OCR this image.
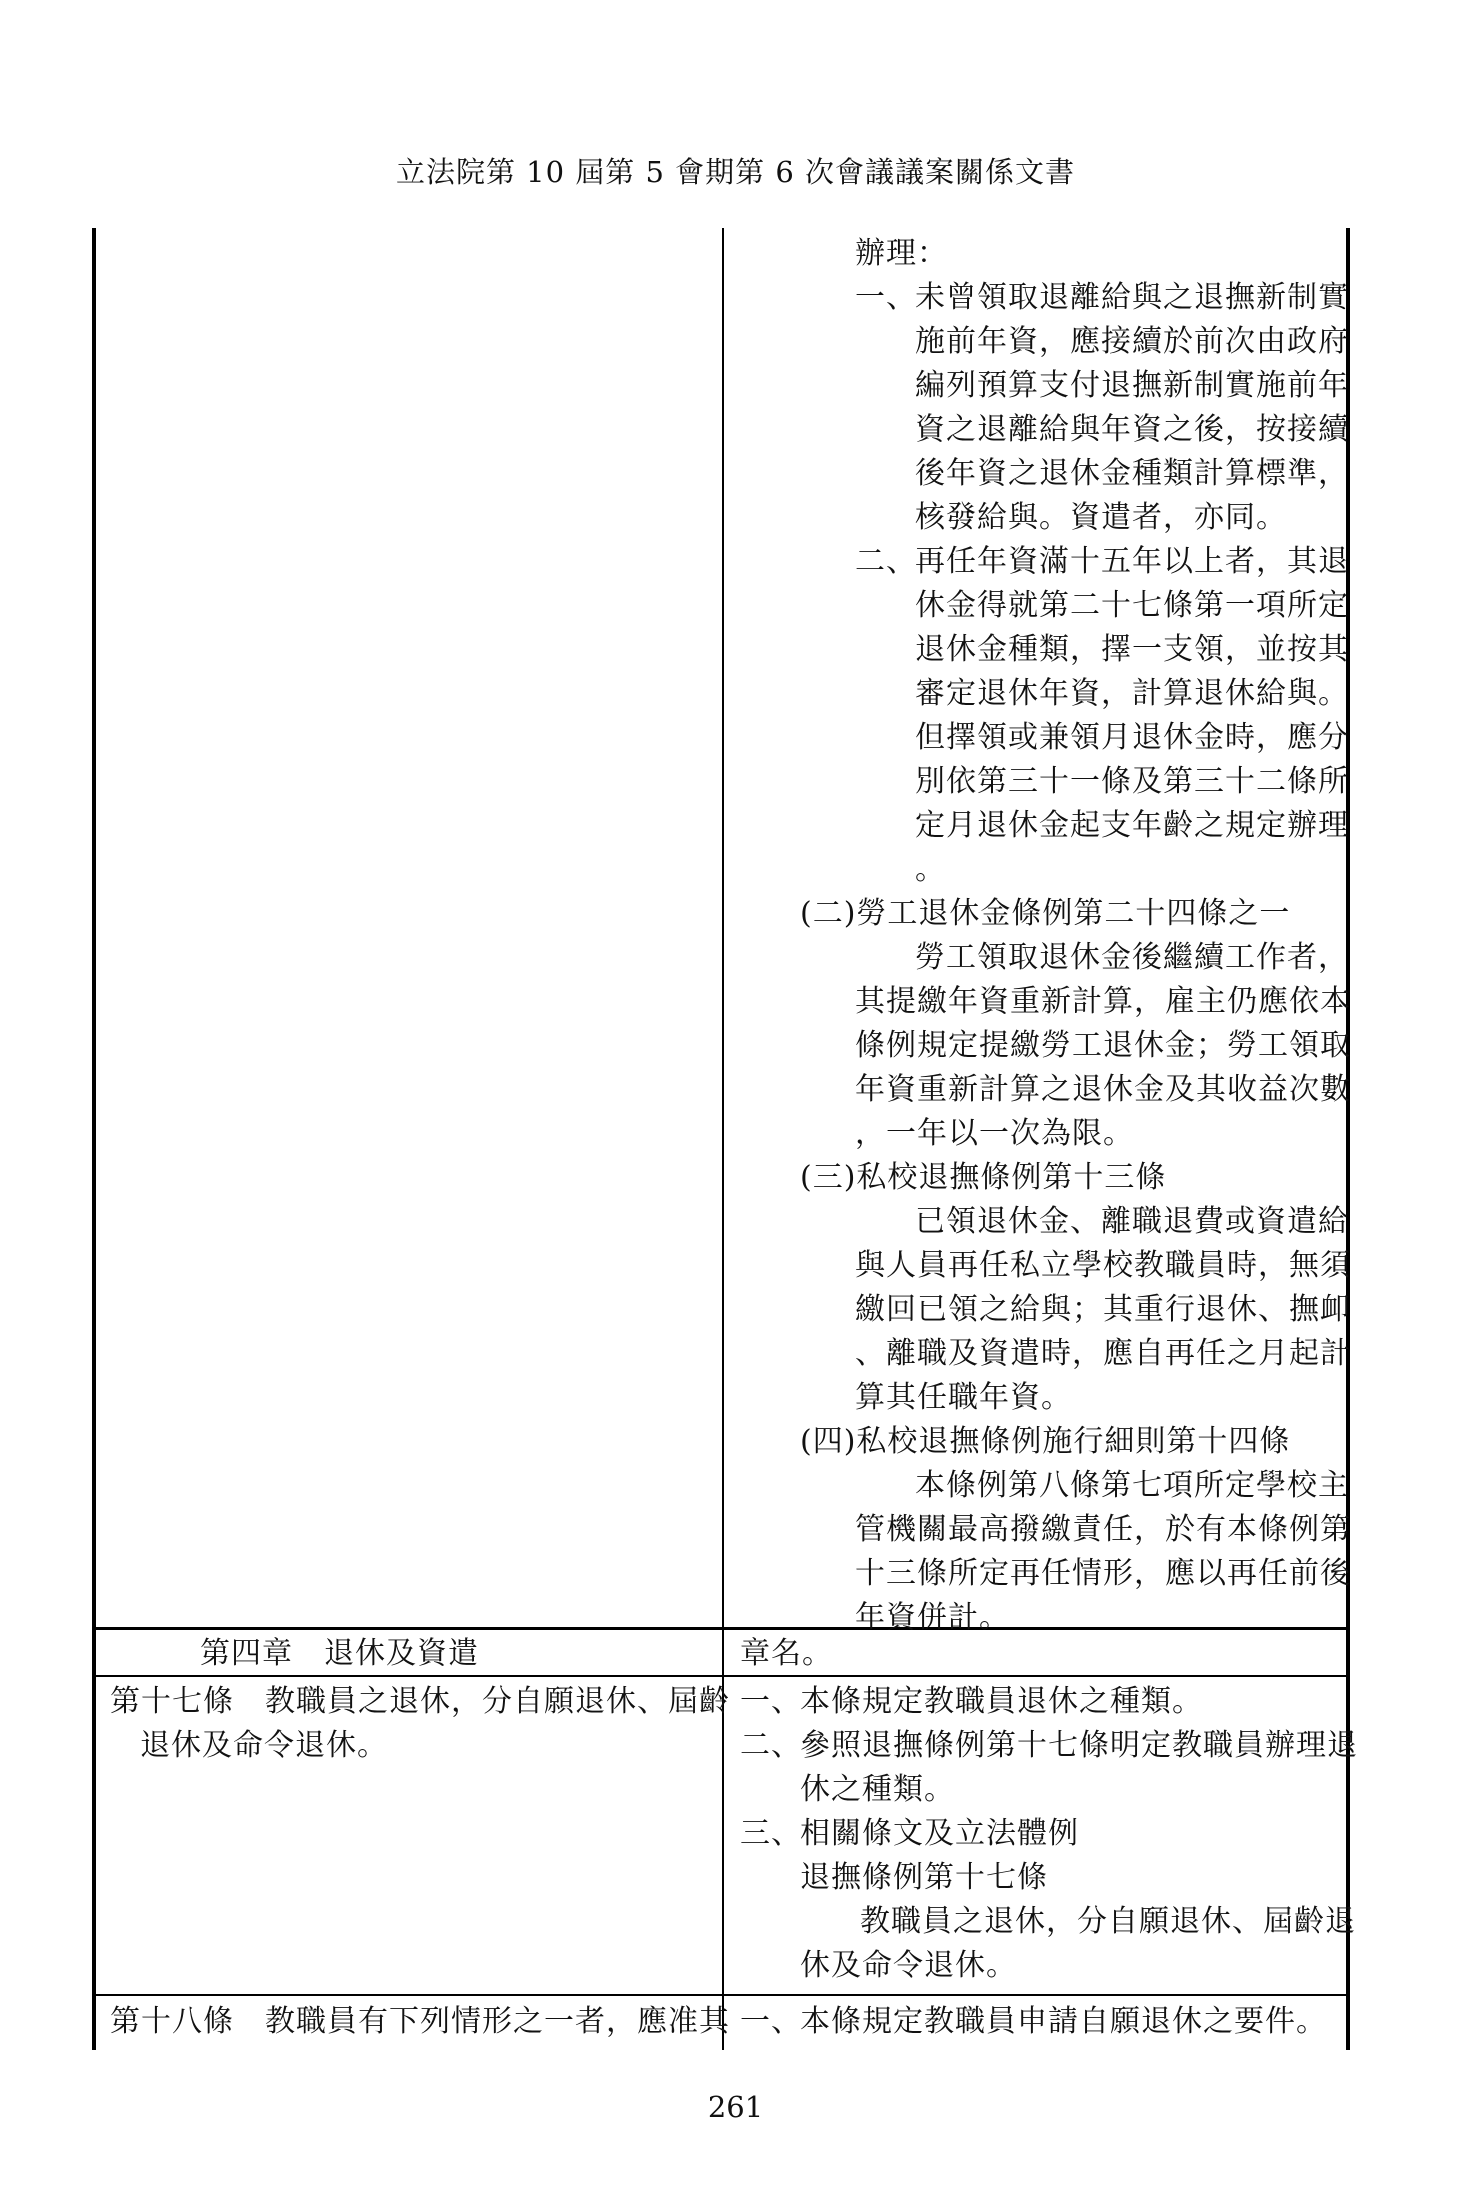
立法院第 10 屆第 5 會期第 6 次會議議案關係文書
辦理：
一、
未曾領取退離給與之退撫新制實
施前年資，應接續於前次由政府
編列預算支付退撫新制實施前年
資之退離給與年資之後，按接續
後年資之退休金種類計算標準，
核發給與。資遣者，亦同。
二、
再任年資滿十五年以上者，其退
休金得就第二十七條第一項所定
退休金種類，擇一支領，並按其
審定退休年資，計算退休給與。
但擇領或兼領月退休金時，應分
別依第三十一條及第三十二條所
定月退休金起支年齡之規定辦理
。
(二)勞工退休金條例第二十四條之一
勞工領取退休金後繼續工作者，
其提繳年資重新計算，雇主仍應依本
條例規定提繳勞工退休金；勞工領取
年資重新計算之退休金及其收益次數
，一年以一次為限。
(三)私校退撫條例第十三條
已領退休金、離職退費或資遣給
與人員再任私立學校教職員時，無須
繳回已領之給與；其重行退休、撫卹
、離職及資遣時，應自再任之月起計
算其任職年資。
(四)私校退撫條例施行細則第十四條
本條例第八條第七項所定學校主
管機關最高撥繳責任，於有本條例第
十三條所定再任情形，應以再任前後
年資併計。
第四章　退休及資遣	章名。
第十七條　教職員之退休，分自願退休、屆齡
退休及命令退休。
一、
本條規定教職員退休之種類。
二、
參照退撫條例第十七條明定教職員辦理退
休之種類。
三、
相關條文及立法體例
退撫條例第十七條
教職員之退休，分自願退休、屆齡退
休及命令退休。
第十八條　教職員有下列情形之一者，應准其 一、
本條規定教職員申請自願退休之要件。
261
